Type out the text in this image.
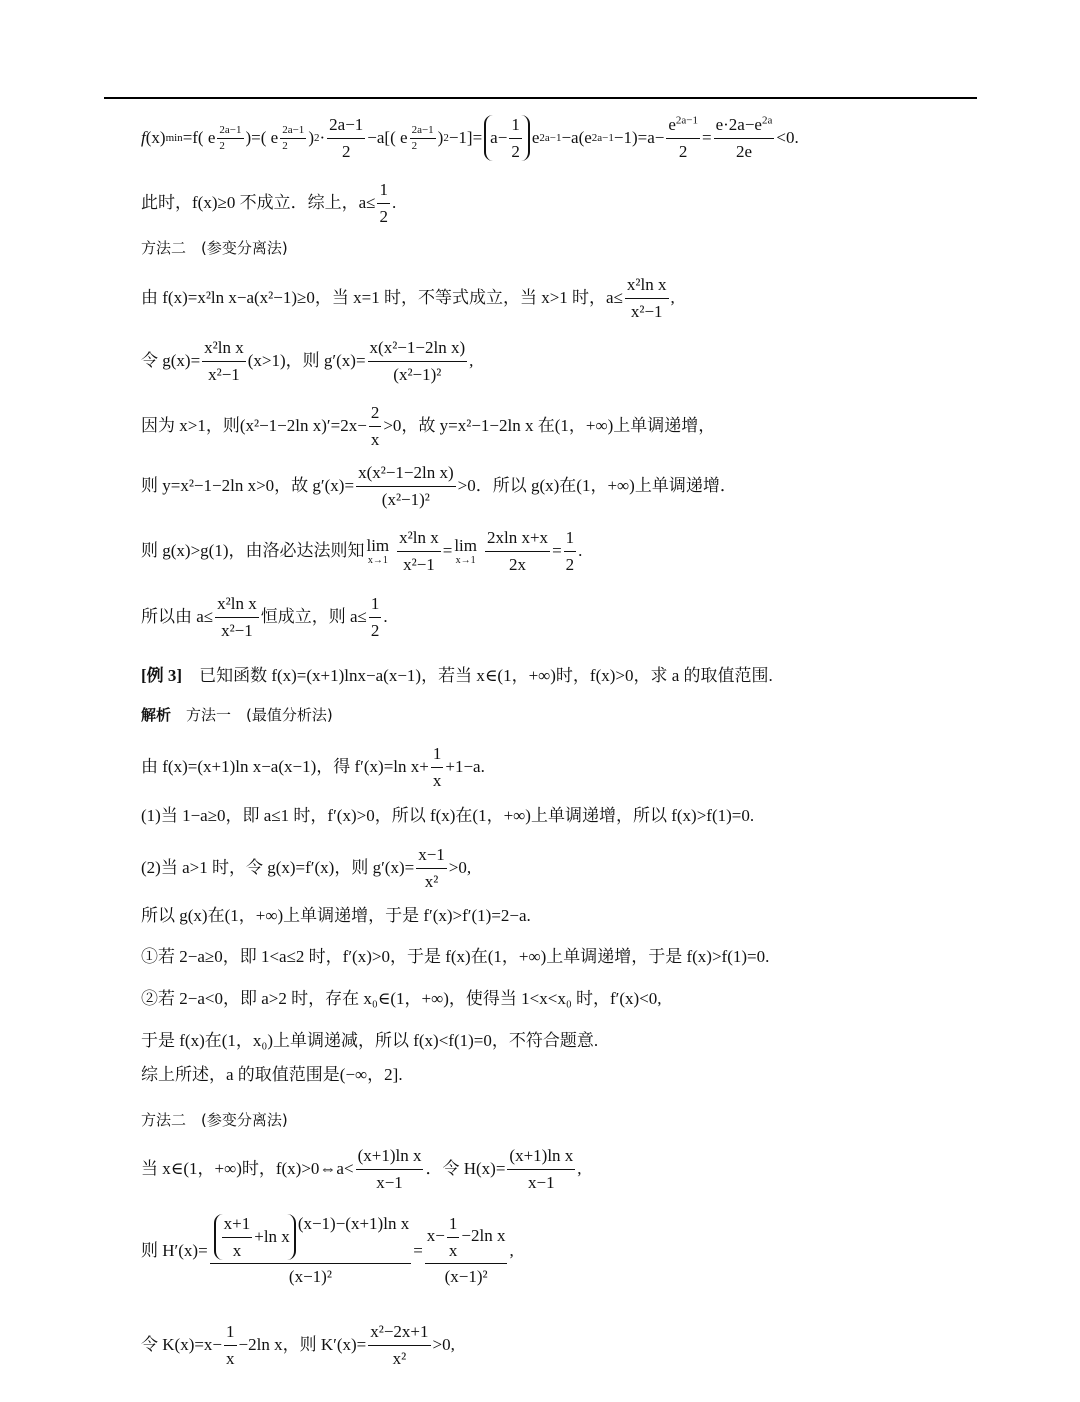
f (x) min =f( e 2a−1
2	)=( e 2a−1
2	) 2 ·
2a−1
2
−a[( e 2a−1
2	) $2 -1]= a- \frac{1}{2}$ e 2a−1 −a(e $2a-1 -1)=a- \frac{e^{2a-1}}{2} = \frac{e\cdot 2a-e^{2a}}{2e} <0$.
此时，f(x)≥0 不成立．综上，$a\le \frac{1}{2}$ .
方法二　(参变分离法)
由 f(x)=x²ln x−a(x²−1)≥0，当 x=1 时，不等式成立，当 x>1 时，$a\le \frac{\text{x²ln x}}{\text{x²−1}}$ ,
令 $g(x)= \frac{\text{x²ln x}}{\text{x²−1}} (x>1)$，则 $g'(x)= \frac{\text{x(x²−1−2ln x)}}{\text{(x²−1)²}}$ ,
因为 x>1，则(x²−1−2ln $x)'=2x- \frac{2}{x} >0$，故 y=x²−1−2ln x 在(1，+∞)上单调递增，
则 y=x²−1−2ln x>0，故 $g'(x)= \frac{\text{x(x²−1−2ln x)}}{\text{(x²−1)²}} >0$．所以 g(x)在(1，+∞)上单调递增．
则 g(x)>g(1)，由洛必达法则知 lim
$x\to 1 \frac{\text{x²ln x}}{\text{x²−1}} = \lim$
$x\to 1 \frac{\text{2xln x+x}}{2x} = \frac{1}{2}$ .
所以由 $a\le \frac{\text{x²ln x}}{\text{x²−1}}$ 恒成立，则 $a\le \frac{1}{2}$ .
[例 3] 　已知函数 f(x)=(x+1)lnx−a(x−1)，若当 x∈(1，+∞)时，f(x)>0，求 a 的取值范围.
解析 　方法一　(最值分析法)
由 f(x)=(x+1)ln x−a(x−1)，得 f′(x)=ln $x+ \frac{1}{x} +1-a$.
(1)当 1−a≥0，即 a≤1 时，f′(x)>0，所以 f(x)在(1，+∞)上单调递增，所以 f(x)>f(1)=0.
(2)当 a>1 时，令 g(x)=f′(x)，则 $g'(x)= \frac{x-1}{\text{x²}} >0$,
所以 g(x)在(1，+∞)上单调递增，于是 f′(x)>f′(1)=2−a.
①若 2−a≥0，即 1<a≤2 时，f′(x)>0，于是 f(x)在(1，+∞)上单调递增，于是 f(x)>f(1)=0.
②若 2−a<0，即 a>2 时，存在 x₀∈(1，+∞)，使得当 1<x<x₀ 时，f′(x)<0,
于是 f(x)在(1，x₀)上单调递减，所以 f(x)<f(1)=0，不符合题意.
综上所述，a 的取值范围是(−∞，2].
方法二　(参变分离法)
当 x∈(1，+∞)时，f(x)>0⇔a<
(x+1)ln x
x−1
．令 $H(x)= \frac{\text{(x+1)ln x}}{x-1}$ ,
则 H′(x)= x+1
x
+ln x
(x−1)−(x+1)ln x
$(x-1)^2 = \frac{x- \frac{1}{x} -2\ln x}{\text{(x−1)²}}$ ,
令 $K(x)=x- \frac{1}{x} -2\ln$ x，则 $K'(x)= \frac{\text{x²−2x+1}}{\text{x²}} >0$,
